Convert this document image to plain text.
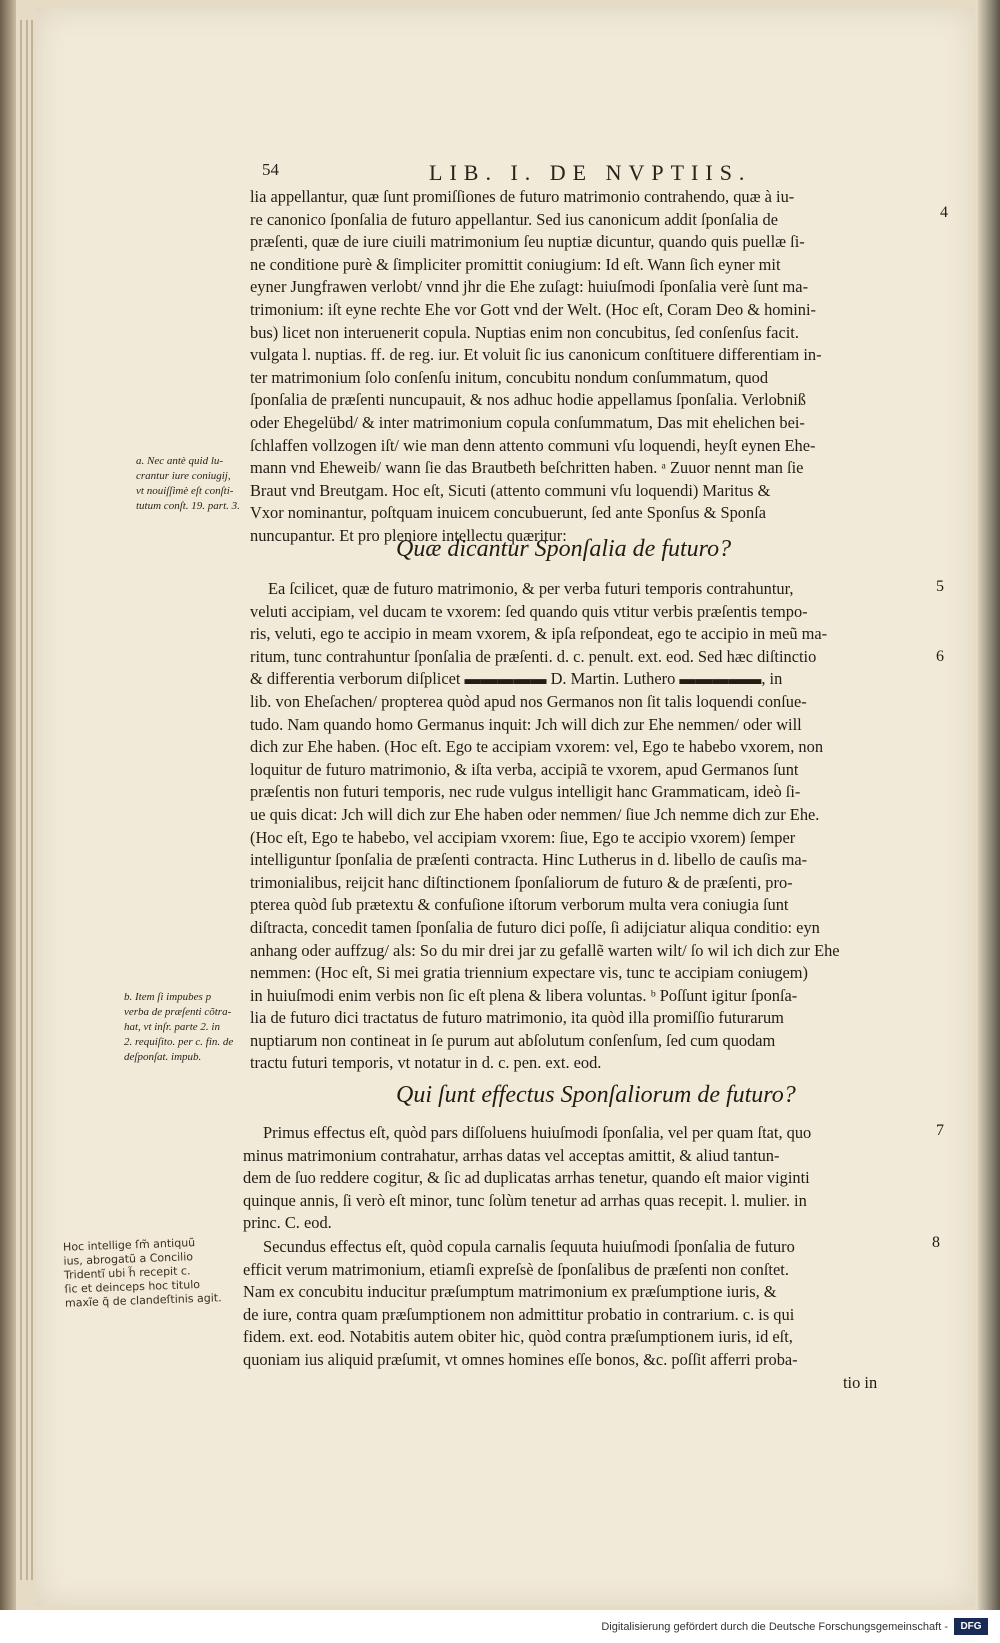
54	LIB. I. DE NVPTIIS.

lia appellantur, quæ ſunt promiſſiones de futuro matrimonio contrahendo, quæ à iu-

re canonico ſponſalia de futuro appellantur. Sed ius canonicum addit ſponſalia de

præſenti, quæ de iure ciuili matrimonium ſeu nuptiæ dicuntur, quando quis puellæ ſi-

ne conditione purè & ſimpliciter promittit coniugium: Id eſt. Wann ſich eyner mit

eyner Jungfrawen verlobt/ vnnd jhr die Ehe zuſagt: huiuſmodi ſponſalia verè ſunt ma-

trimonium: iſt eyne rechte Ehe vor Gott vnd der Welt. (Hoc eſt, Coram Deo & homini-

bus) licet non interuenerit copula. Nuptias enim non concubitus, ſed conſenſus facit.

vulgata l. nuptias. ff. de reg. iur. Et voluit ſic ius canonicum conſtituere differentiam in-

ter matrimonium ſolo conſenſu initum, concubitu nondum conſummatum, quod

ſponſalia de præſenti nuncupauit, & nos adhuc hodie appellamus ſponſalia. Verlobniß

oder Ehegelübd/ & inter matrimonium copula conſummatum, Das mit ehelichen bei-

ſchlaffen vollzogen iſt/ wie man denn attento communi vſu loquendi, heyſt eynen Ehe-

mann vnd Eheweib/ wann ſie das Brautbeth beſchritten haben. ᵃ Zuuor nennt man ſie

Braut vnd Breutgam. Hoc eſt, Sicuti (attento communi vſu loquendi) Maritus &

Vxor nominantur, poſtquam inuicem concubuerunt, ſed ante Sponſus & Sponſa

nuncupantur. Et pro pleniore intellectu quæritur:

Quæ dicantur Sponſalia de futuro?

Ea ſcilicet, quæ de futuro matrimonio, & per verba futuri temporis contrahuntur,

veluti accipiam, vel ducam te vxorem: ſed quando quis vtitur verbis præſentis tempo-

ris, veluti, ego te accipio in meam vxorem, & ipſa reſpondeat, ego te accipio in meũ ma-

ritum, tunc contrahuntur ſponſalia de præſenti. d. c. penult. ext. eod. Sed hæc diſtinctio

& differentia verborum diſplicet ▬▬▬▬▬ D. Martin. Luthero ▬▬▬▬▬, in

lib. von Eheſachen/ propterea quòd apud nos Germanos non ſit talis loquendi conſue-

tudo. Nam quando homo Germanus inquit: Jch will dich zur Ehe nemmen/ oder will

dich zur Ehe haben. (Hoc eſt. Ego te accipiam vxorem: vel, Ego te habebo vxorem, non

loquitur de futuro matrimonio, & iſta verba, accipiã te vxorem, apud Germanos ſunt

præſentis non futuri temporis, nec rude vulgus intelligit hanc Grammaticam, ideò ſi-

ue quis dicat: Jch will dich zur Ehe haben oder nemmen/ ſiue Jch nemme dich zur Ehe.

(Hoc eſt, Ego te habebo, vel accipiam vxorem: ſiue, Ego te accipio vxorem) ſemper

intelliguntur ſponſalia de præſenti contracta. Hinc Lutherus in d. libello de cauſis ma-

trimonialibus, reijcit hanc diſtinctionem ſponſaliorum de futuro & de præſenti, pro-

pterea quòd ſub prætextu & confuſione iſtorum verborum multa vera coniugia ſunt

diſtracta, concedit tamen ſponſalia de futuro dici poſſe, ſi adijciatur aliqua conditio: eyn

anhang oder auffzug/ als: So du mir drei jar zu gefallẽ warten wilt/ ſo wil ich dich zur Ehe

nemmen: (Hoc eſt, Si mei gratia triennium expectare vis, tunc te accipiam coniugem)

in huiuſmodi enim verbis non ſic eſt plena & libera voluntas. ᵇ Poſſunt igitur ſponſa-

lia de futuro dici tractatus de futuro matrimonio, ita quòd illa promiſſio futurarum

nuptiarum non contineat in ſe purum aut abſolutum conſenſum, ſed cum quodam

tractu futuri temporis, vt notatur in d. c. pen. ext. eod.

Qui ſunt effectus Sponſaliorum de futuro?

Primus effectus eſt, quòd pars diſſoluens huiuſmodi ſponſalia, vel per quam ſtat, quo

minus matrimonium contrahatur, arrhas datas vel acceptas amittit, & aliud tantun-

dem de ſuo reddere cogitur, & ſic ad duplicatas arrhas tenetur, quando eſt maior viginti

quinque annis, ſi verò eſt minor, tunc ſolùm tenetur ad arrhas quas recepit. l. mulier. in

princ. C. eod.

Secundus effectus eſt, quòd copula carnalis ſequuta huiuſmodi ſponſalia de futuro

efficit verum matrimonium, etiamſi expreſsè de ſponſalibus de præſenti non conſtet.

Nam ex concubitu inducitur præſumptum matrimonium ex præſumptione iuris, &

de iure, contra quam præſumptionem non admittitur probatio in contrarium. c. is qui

fidem. ext. eod. Notabitis autem obiter hic, quòd contra præſumptionem iuris, id eſt,

quoniam ius aliquid præſumit, vt omnes homines eſſe bonos, &c. poſſit afferri proba-

tio in

4
5
6
7
8

a. Nec antè quid lu-

crantur iure coniugij,

vt nouiſſimè eſt conſti-

tutum conſt. 19. part. 3.

b. Item ſi impubes p

verba de præſenti cõtra-

hat, vt inſr. parte 2. in

2. requiſito. per c. fin. de

deſponſat. impub.

Hoc intellige ſm̃ antiquũ

ius, abrogatũ a Concilio

Tridentĩ ubi h̃ recepit c.

ſic et deinceps hoc titulo

maxĩe q̃ de clandeſtinis agit.

Digitalisierung gefördert durch die Deutsche Forschungsgemeinschaft -	DFG
